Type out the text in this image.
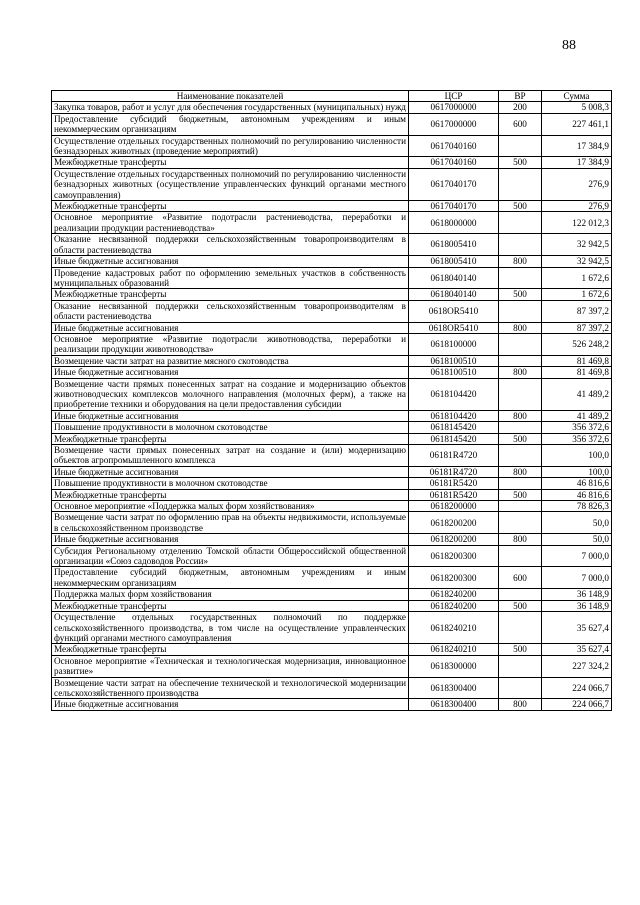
88
Наименование показателей	ЦСР	ВР	Сумма
Закупка товаров, работ и услуг для обеспечения государственных (муниципальных) нужд	0617000000	200	5 008,3
Предоставление субсидий бюджетным, автономным учреждениям и иным некоммерческим организациям	0617000000	600	227 461,1
Осуществление отдельных государственных полномочий по регулированию численности безнадзорных животных (проведение мероприятий)	0617040160		17 384,9
Межбюджетные трансферты	0617040160	500	17 384,9
Осуществление отдельных государственных полномочий по регулированию численности безнадзорных животных (осуществление управленческих функций органами местного самоуправления)	0617040170		276,9
Межбюджетные трансферты	0617040170	500	276,9
Основное мероприятие «Развитие подотрасли растениеводства, переработки и реализации продукции растениеводства»	0618000000		122 012,3
Оказание несвязанной поддержки сельскохозяйственным товаропроизводителям в области растениеводства	0618005410		32 942,5
Иные бюджетные ассигнования	0618005410	800	32 942,5
Проведение кадастровых работ по оформлению земельных участков в собственность муниципальных образований	0618040140		1 672,6
Межбюджетные трансферты	0618040140	500	1 672,6
Оказание несвязанной поддержки сельскохозяйственным товаропроизводителям в области растениеводства	0618OR5410		87 397,2
Иные бюджетные ассигнования	0618OR5410	800	87 397,2
Основное мероприятие «Развитие подотрасли животноводства, переработки и реализации продукции животноводства»	0618100000		526 248,2
Возмещение части затрат на развитие мясного скотоводства	0618100510		81 469,8
Иные бюджетные ассигнования	0618100510	800	81 469,8
Возмещение части прямых понесенных затрат на создание и модернизацию объектов животноводческих комплексов молочного направления (молочных ферм), а также на приобретение техники и оборудования на цели предоставления субсидии	0618104420		41 489,2
Иные бюджетные ассигнования	0618104420	800	41 489,2
Повышение продуктивности в молочном скотоводстве	0618145420		356 372,6
Межбюджетные трансферты	0618145420	500	356 372,6
Возмещение части прямых понесенных затрат на создание и (или) модернизацию объектов агропромышленного комплекса	06181R4720		100,0
Иные бюджетные ассигнования	06181R4720	800	100,0
Повышение продуктивности в молочном скотоводстве	06181R5420		46 816,6
Межбюджетные трансферты	06181R5420	500	46 816,6
Основное мероприятие «Поддержка малых форм хозяйствования»	0618200000		78 826,3
Возмещение части затрат по оформлению прав на объекты недвижимости, используемые в сельскохозяйственном производстве	0618200200		50,0
Иные бюджетные ассигнования	0618200200	800	50,0
Субсидия Региональному отделению Томской области Общероссийской общественной организации «Союз садоводов России»	0618200300		7 000,0
Предоставление субсидий бюджетным, автономным учреждениям и иным некоммерческим организациям	0618200300	600	7 000,0
Поддержка малых форм хозяйствования	0618240200		36 148,9
Межбюджетные трансферты	0618240200	500	36 148,9
Осуществление отдельных государственных полномочий по поддержке сельскохозяйственного производства, в том числе на осуществление управленческих функций органами местного самоуправления	0618240210		35 627,4
Межбюджетные трансферты	0618240210	500	35 627,4
Основное мероприятие «Техническая и технологическая модернизация, инновационное развитие»	0618300000		227 324,2
Возмещение части затрат на обеспечение технической и технологической модернизации сельскохозяйственного производства	0618300400		224 066,7
Иные бюджетные ассигнования	0618300400	800	224 066,7
